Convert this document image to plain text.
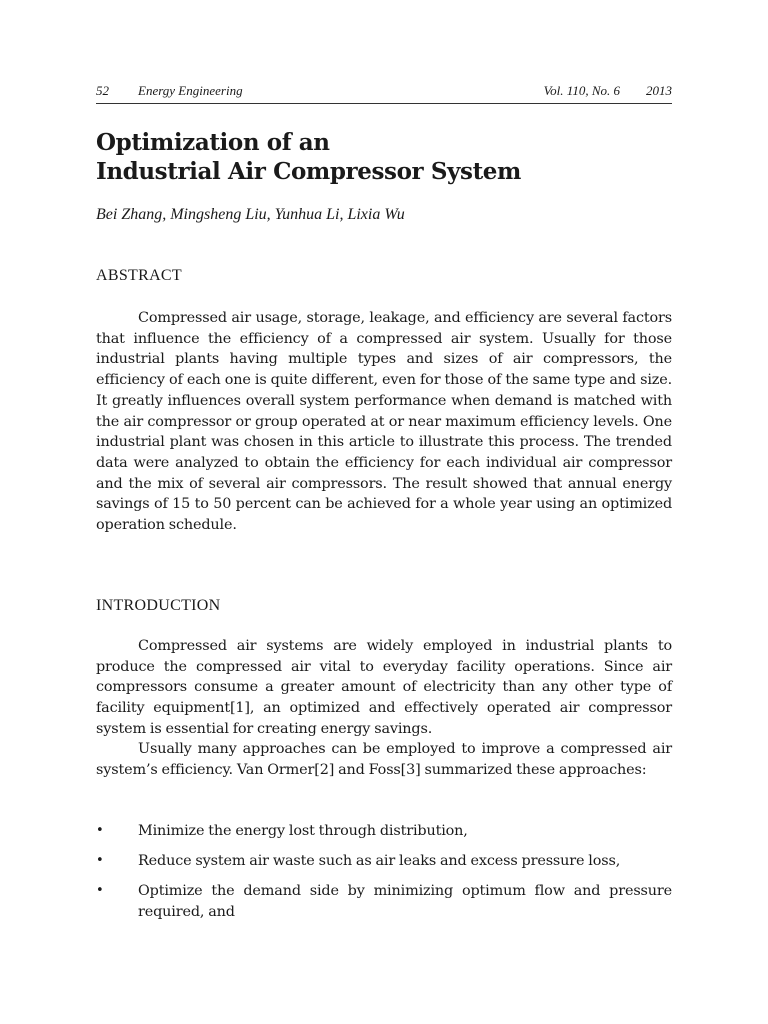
52 Energy Engineering	Vol. 110, No. 6 2013
Optimization of an
Industrial Air Compressor System
Bei Zhang, Mingsheng Liu, Yunhua Li, Lixia Wu
ABSTRACT

Compressed air usage, storage, leakage, and efficiency are several factors that influence the efficiency of a compressed air system. Usually for those industrial plants having multiple types and sizes of air compressors, the efficiency of each one is quite different, even for those of the same type and size. It greatly influences overall system performance when demand is matched with the air compressor or group operated at or near maximum efficiency levels. One industrial plant was chosen in this article to illustrate this process. The trended data were analyzed to obtain the efficiency for each individual air compressor and the mix of several air compressors. The result showed that annual energy savings of 15 to 50 percent can be achieved for a whole year using an optimized operation schedule.

INTRODUCTION

Compressed air systems are widely employed in industrial plants to produce the compressed air vital to everyday facility operations. Since air compressors consume a greater amount of electricity than any other type of facility equipment[1], an optimized and effectively operated air compressor system is essential for creating energy savings.

Usually many approaches can be employed to improve a compressed air system’s efficiency. Van Ormer[2] and Foss[3] summarized these approaches:

• Minimize the energy lost through distribution,
• Reduce system air waste such as air leaks and excess pressure loss,
• Optimize the demand side by minimizing optimum flow and pressure required, and
